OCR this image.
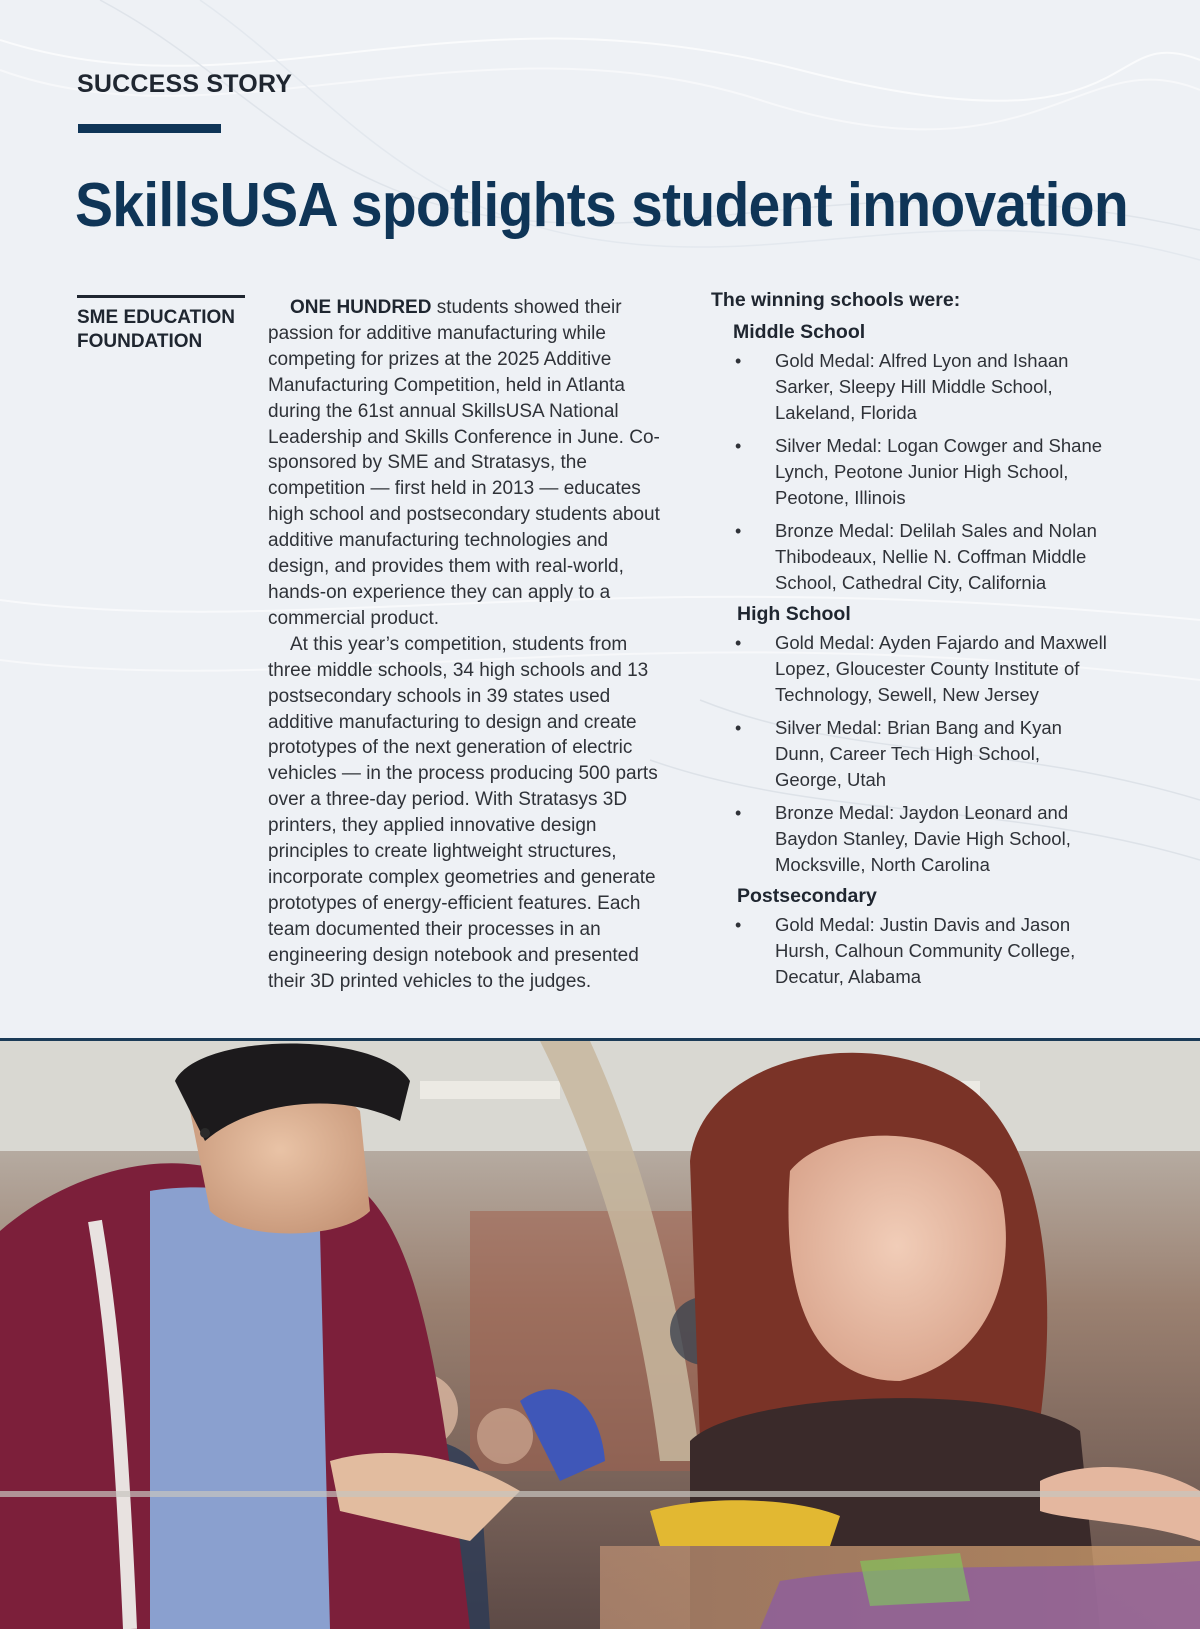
SUCCESS STORY
SkillsUSA spotlights student innovation

SME EDUCATION FOUNDATION

ONE HUNDRED students showed their passion for additive manufacturing while competing for prizes at the 2025 Additive Manufacturing Competition, held in Atlanta during the 61st annual SkillsUSA National Leadership and Skills Conference in June. Co-sponsored by SME and Stratasys, the competition — first held in 2013 — educates high school and postsecondary students about additive manufacturing technologies and design, and provides them with real-world, hands-on experience they can apply to a commercial product.

At this year’s competition, students from three middle schools, 34 high schools and 13 postsecondary schools in 39 states used additive manufacturing to design and create prototypes of the next generation of electric vehicles — in the process producing 500 parts over a three-day period. With Stratasys 3D printers, they applied innovative design principles to create lightweight structures, incorporate complex geometries and generate prototypes of energy-efficient features. Each team documented their processes in an engineering design notebook and presented their 3D printed vehicles to the judges.

The winning schools were:

Middle School

• Gold Medal: Alfred Lyon and Ishaan Sarker, Sleepy Hill Middle School, Lakeland, Florida
• Silver Medal: Logan Cowger and Shane Lynch, Peotone Junior High School, Peotone, Illinois
• Bronze Medal: Delilah Sales and Nolan Thibodeaux, Nellie N. Coffman Middle School, Cathedral City, California

High School

• Gold Medal: Ayden Fajardo and Maxwell Lopez, Gloucester County Institute of Technology, Sewell, New Jersey
• Silver Medal: Brian Bang and Kyan Dunn, Career Tech High School, George, Utah
• Bronze Medal: Jaydon Leonard and Baydon Stanley, Davie High School, Mocksville, North Carolina

Postsecondary

• Gold Medal: Justin Davis and Jason Hursh, Calhoun Community College, Decatur, Alabama
